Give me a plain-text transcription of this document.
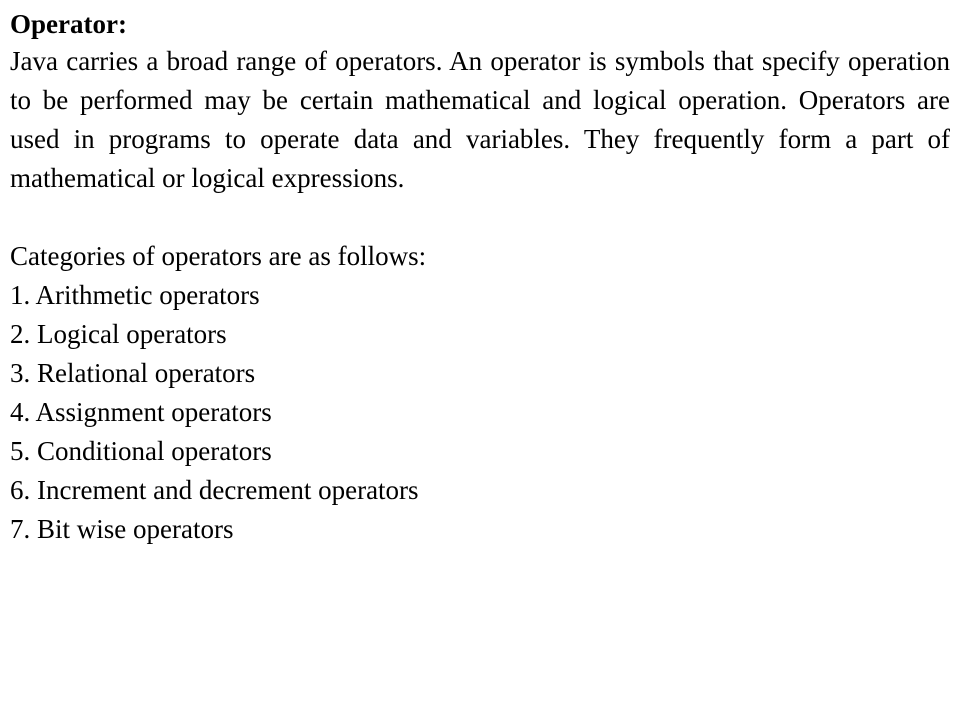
Operator:

Java carries a broad range of operators. An operator is symbols that specify operation to be performed may be certain mathematical and logical operation. Operators are used in programs to operate data and variables. They frequently form a part of mathematical or logical expressions.

Categories of operators are as follows:

1. Arithmetic operators
2. Logical operators
3. Relational operators
4. Assignment operators
5. Conditional operators
6. Increment and decrement operators
7. Bit wise operators
